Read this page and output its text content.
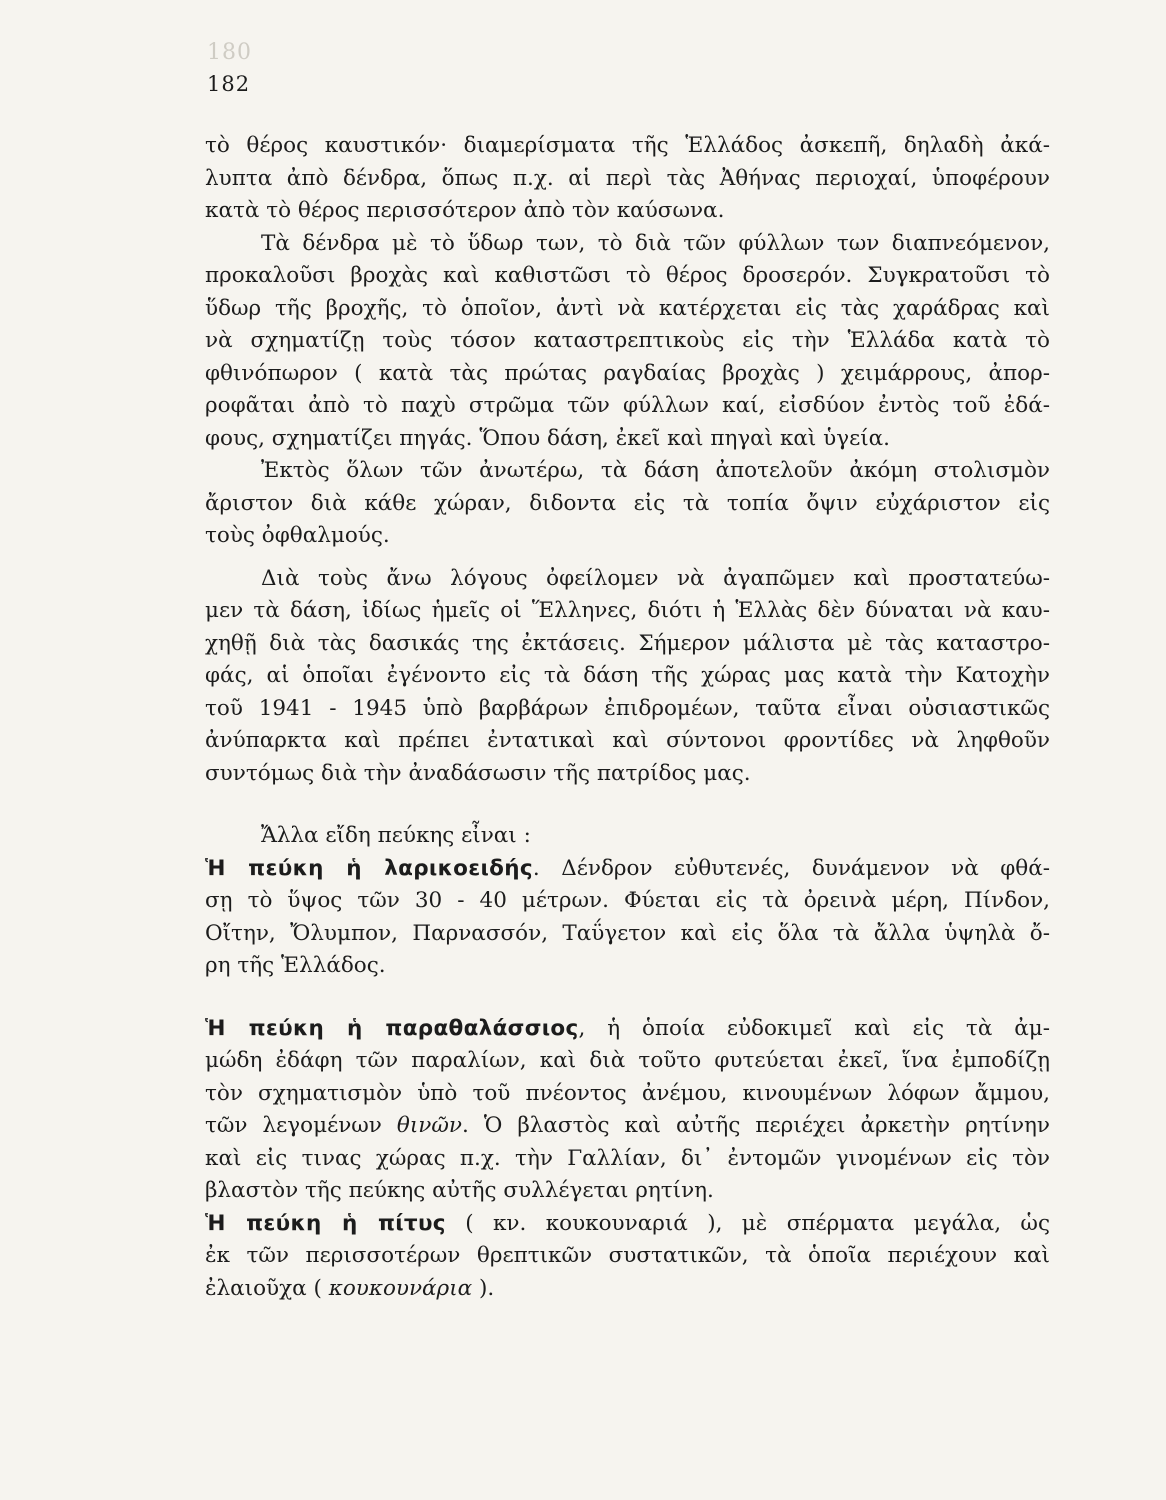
180
182
τὸ θέρος καυστικόν· διαμερίσματα τῆς Ἑλλάδος ἀσκεπῆ, δηλαδὴ ἀκά-
λυπτα ἀπὸ δένδρα, ὅπως π.χ. αἱ περὶ τὰς Ἀθήνας περιοχαί, ὑποφέρουν
κατὰ τὸ θέρος περισσότερον ἀπὸ τὸν καύσωνα.
Τὰ δένδρα μὲ τὸ ὕδωρ των, τὸ διὰ τῶν φύλλων των διαπνεόμενον,
προκαλοῦσι βροχὰς καὶ καθιστῶσι τὸ θέρος δροσερόν. Συγκρατοῦσι τὸ
ὕδωρ τῆς βροχῆς, τὸ ὁποῖον, ἀντὶ νὰ κατέρχεται εἰς τὰς χαράδρας καὶ
νὰ σχηματίζῃ τοὺς τόσον καταστρεπτικοὺς εἰς τὴν Ἑλλάδα κατὰ τὸ
φθινόπωρον ( κατὰ τὰς πρώτας ραγδαίας βροχὰς ) χειμάρρους, ἀπορ-
ροφᾶται ἀπὸ τὸ παχὺ στρῶμα τῶν φύλλων καί, εἰσδύον ἐντὸς τοῦ ἐδά-
φους, σχηματίζει πηγάς. Ὅπου δάση, ἐκεῖ καὶ πηγαὶ καὶ ὑγεία.
Ἐκτὸς ὅλων τῶν ἀνωτέρω, τὰ δάση ἀποτελοῦν ἀκόμη στολισμὸν
ἄριστον διὰ κάθε χώραν, διδοντα εἰς τὰ τοπία ὄψιν εὐχάριστον εἰς
τοὺς ὀφθαλμούς.
Διὰ τοὺς ἄνω λόγους ὀφείλομεν νὰ ἀγαπῶμεν καὶ προστατεύω-
μεν τὰ δάση, ἰδίως ἡμεῖς οἱ Ἕλληνες, διότι ἡ Ἑλλὰς δὲν δύναται νὰ καυ-
χηθῇ διὰ τὰς δασικάς της ἐκτάσεις. Σήμερον μάλιστα μὲ τὰς καταστρο-
φάς, αἱ ὁποῖαι ἐγένοντο εἰς τὰ δάση τῆς χώρας μας κατὰ τὴν Κατοχὴν
τοῦ 1941 - 1945 ὑπὸ βαρβάρων ἐπιδρομέων, ταῦτα εἶναι οὐσιαστικῶς
ἀνύπαρκτα καὶ πρέπει ἐντατικαὶ καὶ σύντονοι φροντίδες νὰ ληφθοῦν
συντόμως διὰ τὴν ἀναδάσωσιν τῆς πατρίδος μας.
Ἄλλα εἴδη πεύκης εἶναι :
Ἡ πεύκη ἡ λαρικοειδής. Δένδρον εὐθυτενές, δυνάμενον νὰ φθά-
σῃ τὸ ὕψος τῶν 30 - 40 μέτρων. Φύεται εἰς τὰ ὀρεινὰ μέρη, Πίνδον,
Οἴτην, Ὄλυμπον, Παρνασσόν, Ταΰγετον καὶ εἰς ὅλα τὰ ἄλλα ὑψηλὰ ὄ-
ρη τῆς Ἑλλάδος.
Ἡ πεύκη ἡ παραθαλάσσιος, ἡ ὁποία εὐδοκιμεῖ καὶ εἰς τὰ ἀμ-
μώδη ἐδάφη τῶν παραλίων, καὶ διὰ τοῦτο φυτεύεται ἐκεῖ, ἵνα ἐμποδίζῃ
τὸν σχηματισμὸν ὑπὸ τοῦ πνέοντος ἀνέμου, κινουμένων λόφων ἄμμου,
τῶν λεγομένων θινῶν. Ὁ βλαστὸς καὶ αὐτῆς περιέχει ἀρκετὴν ρητίνην
καὶ εἰς τινας χώρας π.χ. τὴν Γαλλίαν, δι᾽ ἐντομῶν γινομένων εἰς τὸν
βλαστὸν τῆς πεύκης αὐτῆς συλλέγεται ρητίνη.
Ἡ πεύκη ἡ πίτυς ( κν. κουκουναριά ), μὲ σπέρματα μεγάλα, ὡς
ἐκ τῶν περισσοτέρων θρεπτικῶν συστατικῶν, τὰ ὁποῖα περιέχουν καὶ
ἐλαιοῦχα ( κουκουνάρια ).
